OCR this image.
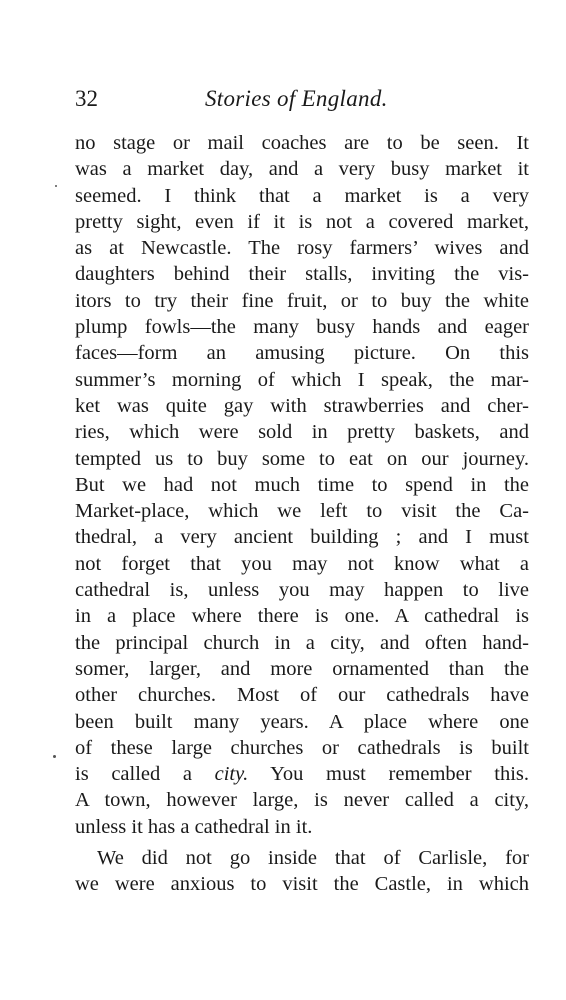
32	Stories of England.
no stage or mail coaches are to be seen. It
was a market day, and a very busy market it
seemed. I think that a market is a very
pretty sight, even if it is not a covered market,
as at Newcastle. The rosy farmers’ wives and
daughters behind their stalls, inviting the vis-
itors to try their fine fruit, or to buy the white
plump fowls—the many busy hands and eager
faces—form an amusing picture. On this
summer’s morning of which I speak, the mar-
ket was quite gay with strawberries and cher-
ries, which were sold in pretty baskets, and
tempted us to buy some to eat on our journey.
But we had not much time to spend in the
Market-place, which we left to visit the Ca-
thedral, a very ancient building ; and I must
not forget that you may not know what a
cathedral is, unless you may happen to live
in a place where there is one. A cathedral is
the principal church in a city, and often hand-
somer, larger, and more ornamented than the
other churches. Most of our cathedrals have
been built many years. A place where one
of these large churches or cathedrals is built
is called a city. You must remember this.
A town, however large, is never called a city,
unless it has a cathedral in it.
We did not go inside that of Carlisle, for
we were anxious to visit the Castle, in which
